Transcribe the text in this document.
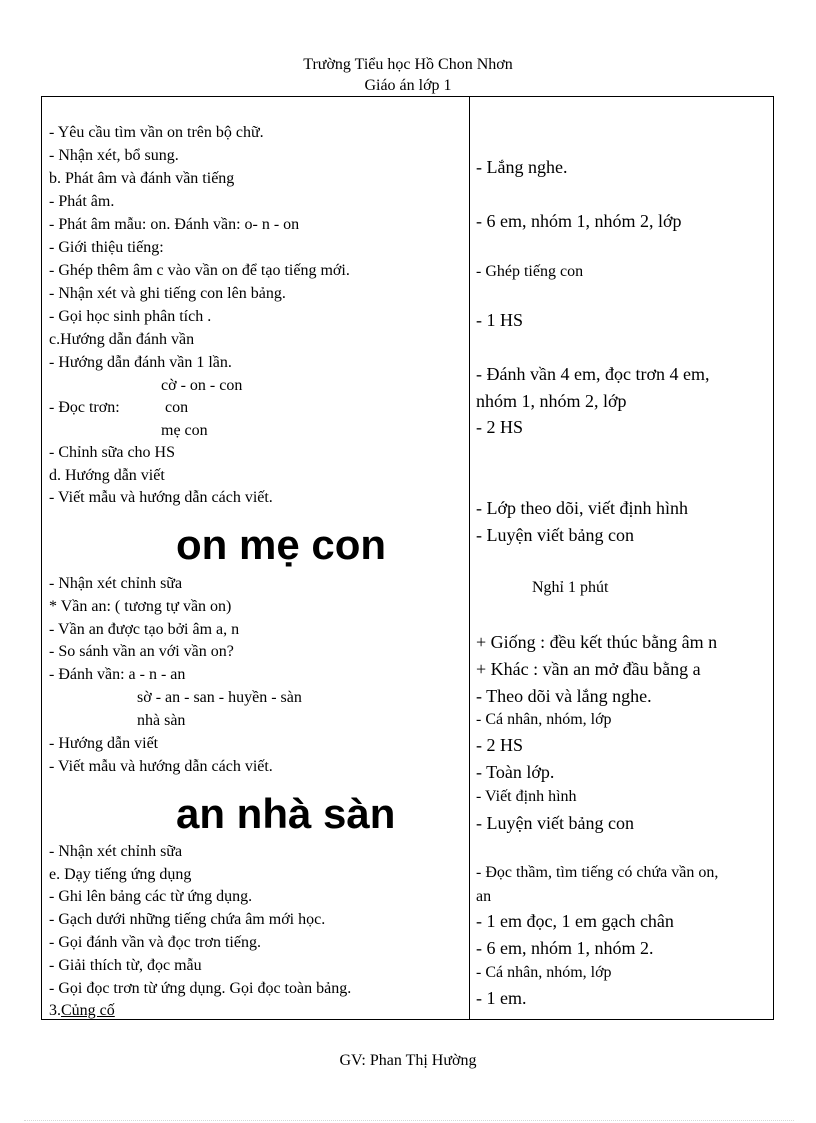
Trường Tiểu học Hồ Chon Nhơn
Giáo án lớp 1
- Yêu cầu tìm vần on trên bộ chữ.
- Nhận xét, bổ sung.
b. Phát âm và đánh vần tiếng
- Phát âm.
- Phát âm mẫu: on. Đánh vần: o- n - on
- Giới thiệu tiếng:
- Ghép thêm âm c vào vần on để tạo tiếng mới.
- Nhận xét và ghi tiếng con lên bảng.
- Gọi học sinh phân tích .
c.Hướng dẫn đánh vần
- Hướng dẫn đánh vần 1 lần.
cờ - on - con
- Đọc trơn:	con
mẹ con
- Chỉnh sữa cho HS
d. Hướng dẫn viết
- Viết mẫu và hướng dẫn cách viết.
on mẹ con
- Nhận xét chỉnh sữa
* Vần an: ( tương tự vần on)
- Vần an được tạo bởi âm a, n
- So sánh vần an với vần on?
- Đánh vần: a - n - an
sờ - an - san - huyền - sàn
nhà sàn
- Hướng dẫn viết
- Viết mẫu và hướng dẫn cách viết.
an nhà sàn
- Nhận xét chỉnh sữa
e. Dạy tiếng ứng dụng
- Ghi lên bảng các từ ứng dụng.
- Gạch dưới những tiếng chứa âm mới học.
- Gọi đánh vần và đọc trơn tiếng.
- Giải thích từ, đọc mẫu
- Gọi đọc trơn từ ứng dụng. Gọi đọc toàn bảng.
3.Củng cố
- Lắng nghe.
- 6 em, nhóm 1, nhóm 2, lớp
- Ghép tiếng con
- 1 HS
- Đánh vần 4 em, đọc trơn 4 em,
nhóm 1, nhóm 2, lớp
- 2 HS
- Lớp theo dõi, viết định hình
- Luyện viết bảng con
Nghỉ 1 phút
+ Giống : đều kết thúc bằng âm n
+ Khác : vần an mở đầu bằng a
- Theo dõi và lắng nghe.
- Cá nhân, nhóm, lớp
- 2 HS
- Toàn lớp.
- Viết định hình
- Luyện viết bảng con
- Đọc thầm, tìm tiếng có chứa vần on,
an
- 1 em đọc, 1 em gạch chân
- 6 em, nhóm 1, nhóm 2.
- Cá nhân, nhóm, lớp
- 1 em.
GV: Phan Thị Hường
